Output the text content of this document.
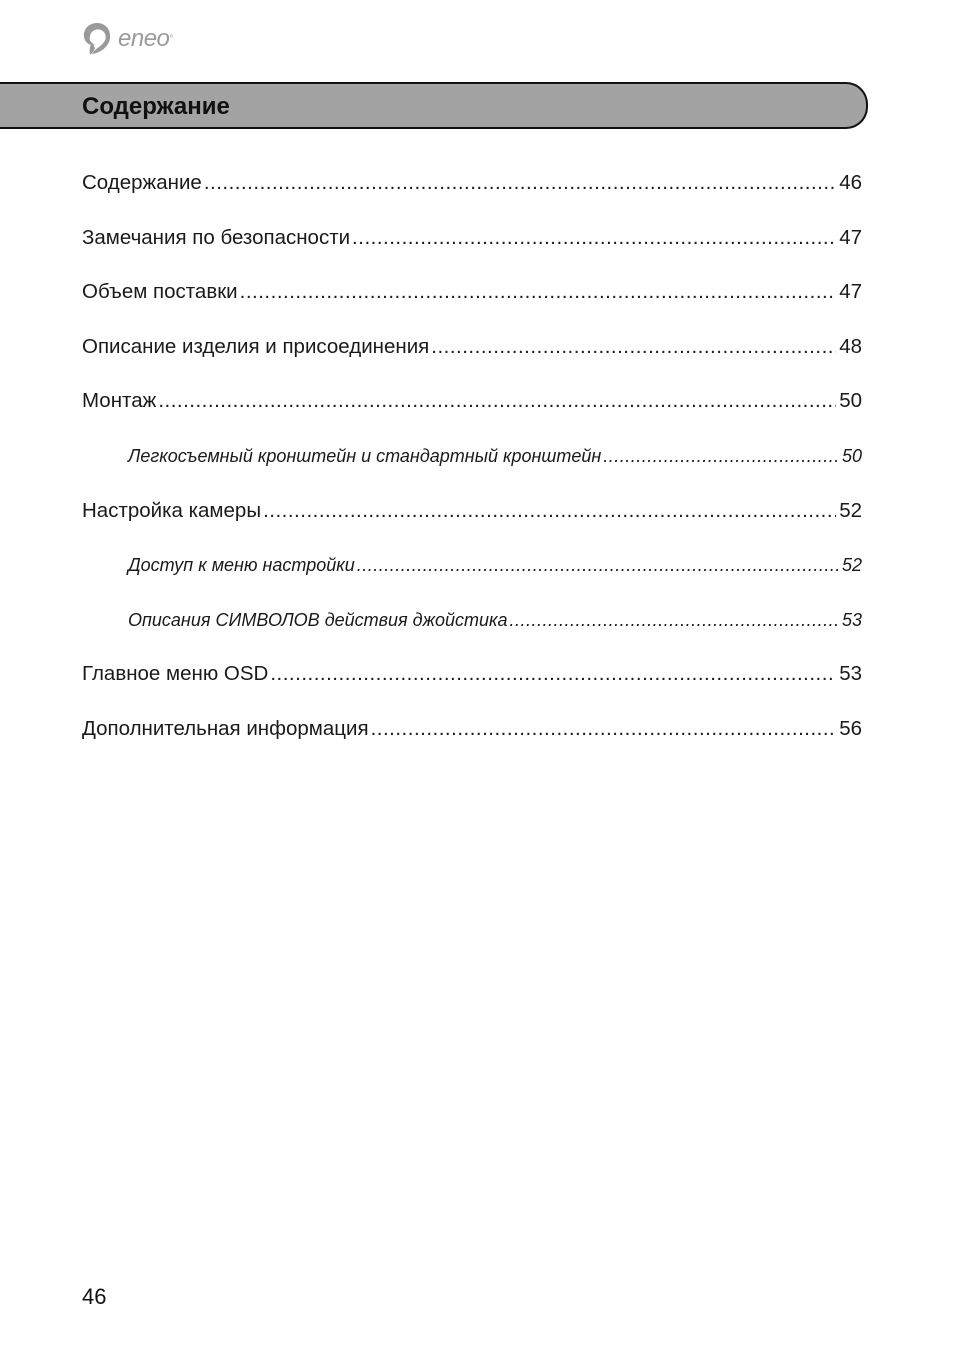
eneo °
Содержание
Содержание .....	46
Замечания по безопасности .....	47
Объем поставки .....	47
Описание изделия и присоединения .....	48
Монтаж .....	50
Легкосъемный кронштейн и стандартный кронштейн .....	50
Настройка камеры .....	52
Доступ к меню настройки .....	52
Описания СИМВОЛОВ действия джойстика .....	53
Главное меню OSD .....	53
Дополнительная информация .....	56
46
